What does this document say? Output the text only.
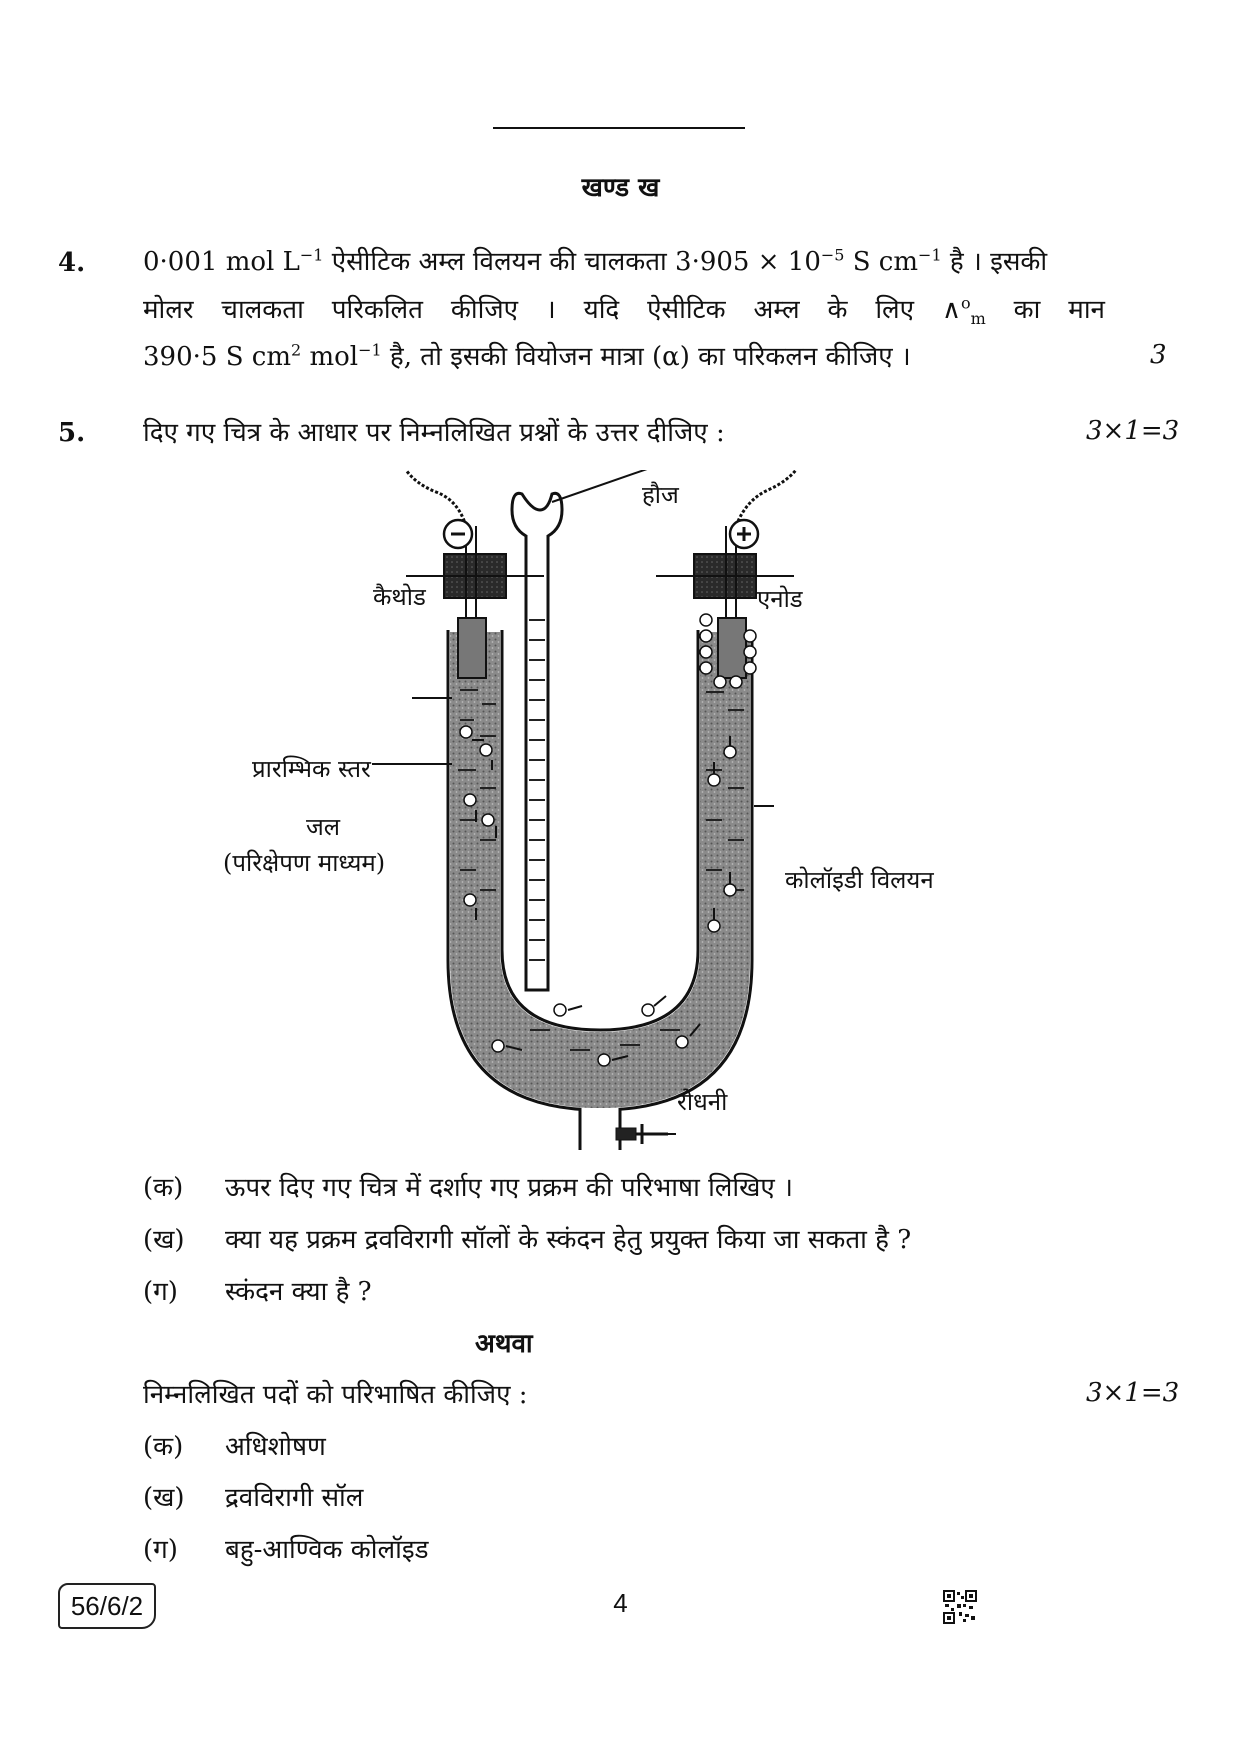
खण्ड ख
4. 0·001 mol $L^{-1}$ ऐसीटिक अम्ल विलयन की चालकता $3\cdot 905 \times 10^{-5}$ S $cm^{-1}$ है । इसकी
मोलर चालकता परिकलित कीजिए । यदि ऐसीटिक अम्ल के लिए ∧$^o_m$ का मान
390·5 S $cm^2$ mol$^{-1}$ है, तो इसकी वियोजन मात्रा (α) का परिकलन कीजिए ।	3
5. दिए गए चित्र के आधार पर निम्नलिखित प्रश्नों के उत्तर दीजिए :	3×1=3
हौज
कैथोड	एनोड
प्रारम्भिक स्तर
जल
(परिक्षेपण माध्यम)
कोलॉइडी विलयन
रोधनी
(क) ऊपर दिए गए चित्र में दर्शाए गए प्रक्रम की परिभाषा लिखिए ।
(ख) क्या यह प्रक्रम द्रवविरागी सॉलों के स्कंदन हेतु प्रयुक्त किया जा सकता है ?
(ग) स्कंदन क्या है ?
अथवा
निम्नलिखित पदों को परिभाषित कीजिए :	3×1=3
(क) अधिशोषण
(ख) द्रवविरागी सॉल
(ग) बहु-आण्विक कोलॉइड
56/6/2	4
